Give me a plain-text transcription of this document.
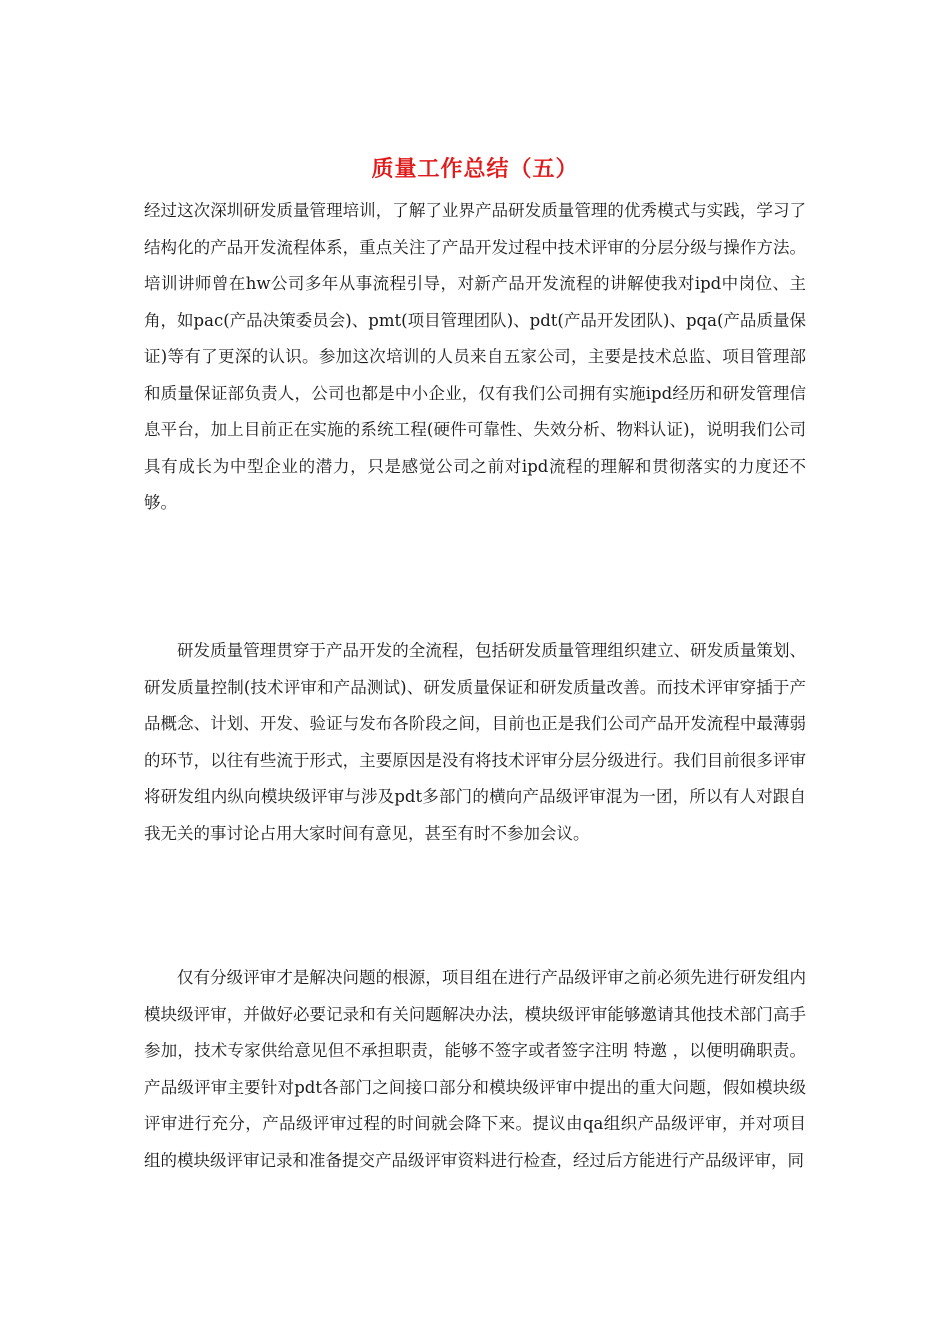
质量工作总结（五）

经过这次深圳研发质量管理培训，了解了业界产品研发质量管理的优秀模式与实践，学习了结构化的产品开发流程体系，重点关注了产品开发过程中技术评审的分层分级与操作方法。培训讲师曾在hw公司多年从事流程引导，对新产品开发流程的讲解使我对ipd中岗位、主角，如pac(产品决策委员会)、pmt(项目管理团队)、pdt(产品开发团队)、pqa(产品质量保证)等有了更深的认识。参加这次培训的人员来自五家公司，主要是技术总监、项目管理部和质量保证部负责人，公司也都是中小企业，仅有我们公司拥有实施ipd经历和研发管理信息平台，加上目前正在实施的系统工程(硬件可靠性、失效分析、物料认证)，说明我们公司具有成长为中型企业的潜力，只是感觉公司之前对ipd流程的理解和贯彻落实的力度还不够。

研发质量管理贯穿于产品开发的全流程，包括研发质量管理组织建立、研发质量策划、研发质量控制(技术评审和产品测试)、研发质量保证和研发质量改善。而技术评审穿插于产品概念、计划、开发、验证与发布各阶段之间，目前也正是我们公司产品开发流程中最薄弱的环节，以往有些流于形式，主要原因是没有将技术评审分层分级进行。我们目前很多评审将研发组内纵向模块级评审与涉及pdt多部门的横向产品级评审混为一团，所以有人对跟自我无关的事讨论占用大家时间有意见，甚至有时不参加会议。

仅有分级评审才是解决问题的根源，项目组在进行产品级评审之前必须先进行研发组内模块级评审，并做好必要记录和有关问题解决办法，模块级评审能够邀请其他技术部门高手参加，技术专家供给意见但不承担职责，能够不签字或者签字注明 特邀 ，以便明确职责。产品级评审主要针对pdt各部门之间接口部分和模块级评审中提出的重大问题，假如模块级评审进行充分，产品级评审过程的时间就会降下来。提议由qa组织产品级评审，并对项目组的模块级评审记录和准备提交产品级评审资料进行检查，经过后方能进行产品级评审，同
